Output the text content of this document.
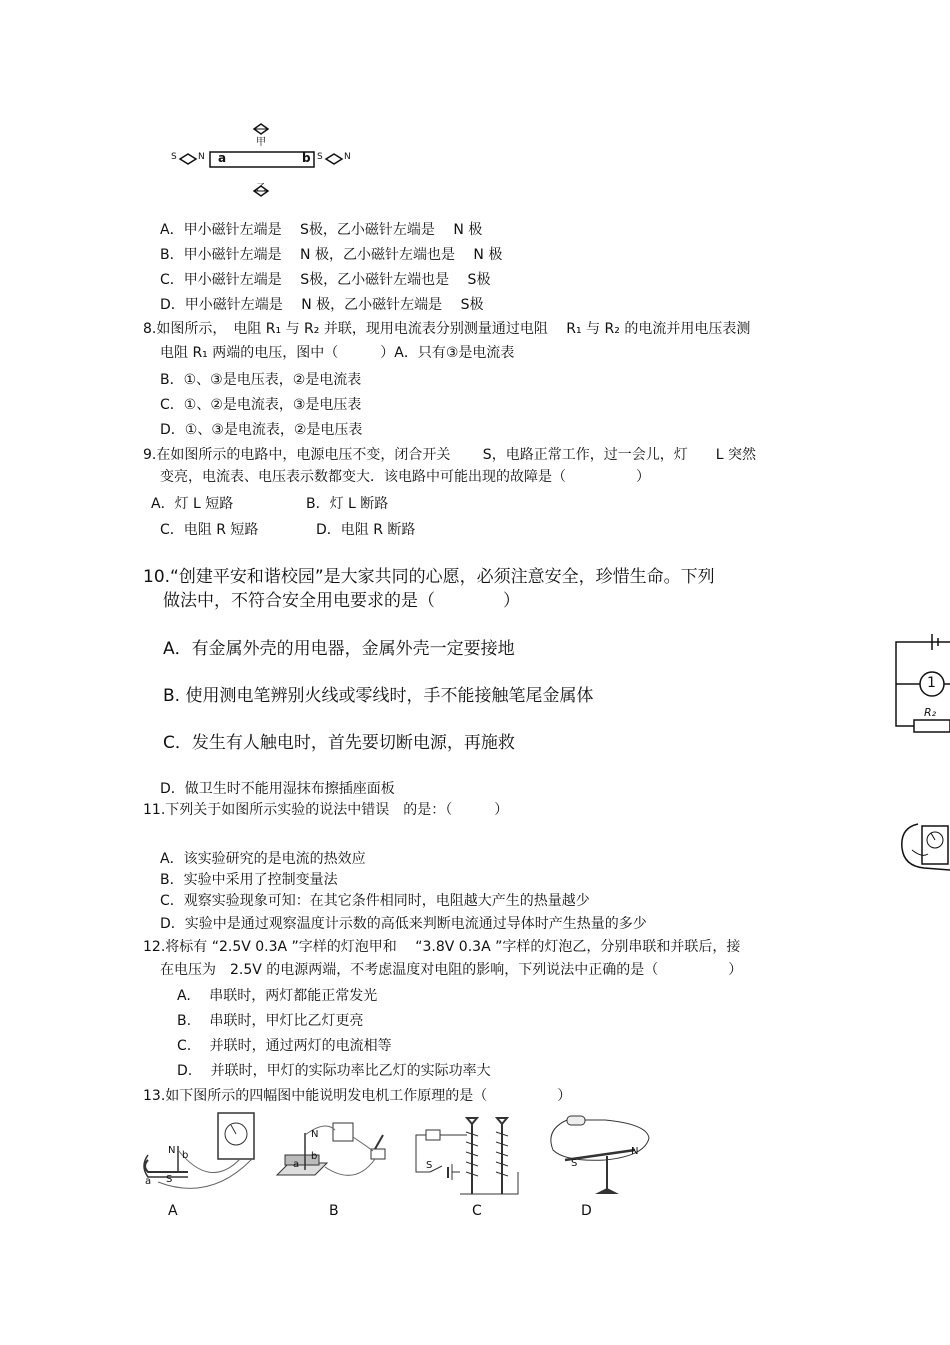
甲
乙
a	b
S N	S N
A．甲小磁针左端是　 S极，乙小磁针左端是　 N 极
B．甲小磁针左端是　 N 极，乙小磁针左端也是　 N 极
C．甲小磁针左端是　 S极，乙小磁针左端也是　 S极
D．甲小磁针左端是　 N 极，乙小磁针左端是　 S极
8.如图所示，　电阻 R₁ 与 R₂ 并联，现用电流表分别测量通过电阻　 R₁ 与 R₂ 的电流并用电压表测
电阻 R₁ 两端的电压，图中（　　　）A．只有③是电流表
B．①、③是电压表，②是电流表
C．①、②是电流表，③是电压表
D．①、③是电流表，②是电压表
9.在如图所示的电路中，电源电压不变，闭合开关　　 S，电路正常工作，过一会儿，灯　　L 突然
变亮，电流表、电压表示数都变大．该电路中可能出现的故障是（　　　　　）
A．灯 L 短路	B．灯 L 断路
C．电阻 R 短路	D．电阻 R 断路
10.“创建平安和谐校园”是大家共同的心愿，必须注意安全，珍惜生命。下列
做法中，不符合安全用电要求的是（　　　　）
A．有金属外壳的用电器，金属外壳一定要接地
B. 使用测电笔辨别火线或零线时，手不能接触笔尾金属体
C．发生有人触电时，首先要切断电源，再施救
D．做卫生时不能用湿抹布擦插座面板
11.下列关于如图所示实验的说法中错误　的是：（　　　）
A．该实验研究的是电流的热效应
B．实验中采用了控制变量法
C．观察实验现象可知：在其它条件相同时，电阻越大产生的热量越少
D．实验中是通过观察温度计示数的高低来判断电流通过导体时产生热量的多少
12.将标有 “2.5V 0.3A ”字样的灯泡甲和　 “3.8V 0.3A ”字样的灯泡乙，分别串联和并联后，接
在电压为　2.5V 的电源两端，不考虑温度对电阻的影响，下列说法中正确的是（　　　　　）
A.　 串联时，两灯都能正常发光
B.　 串联时，甲灯比乙灯更亮
C.　 并联时，通过两灯的电流相等
D.　 并联时，甲灯的实际功率比乙灯的实际功率大
13.如下图所示的四幅图中能说明发电机工作原理的是（　　　　　）
N b
a S
A
a
b
N
B
S
C
S
N
D
1
R₂
